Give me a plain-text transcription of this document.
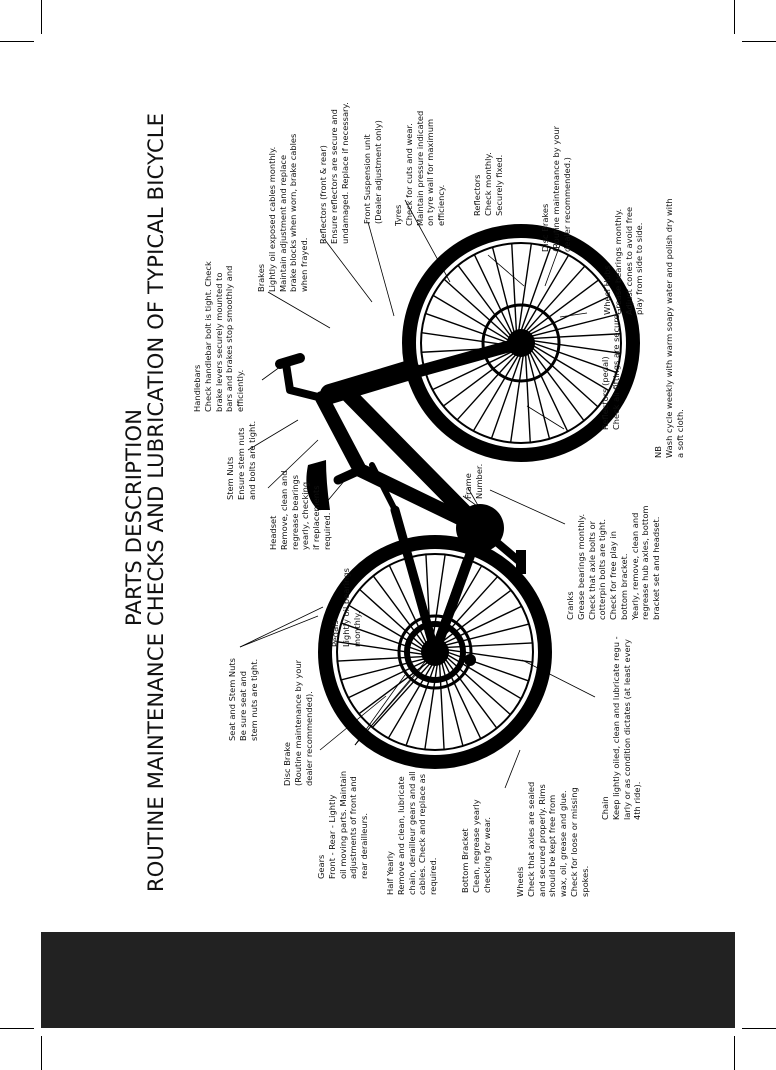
PARTS DESCRIPTION
ROUTINE MAINTENANCE CHECKS AND LUBRICATION OF TYPICAL BICYCLE	Handlebars Check handlebar bolt is tight. Check brake levers securely mounted to bars and brakes stop smoothly and efficiently.
Brakes Lightly oil exposed cables monthly. Maintain adjustment and replace brake blocks when worn, brake cables when frayed.
Reflectors (front & rear) Ensure reflectors are secure and undamaged. Replace if necessary. Front Suspension unit (Dealer adjustment only) Tyres Check for cuts and wear. Maintain pressure indicated on tyre wall for maximum efficiency.	Reflectors Check monthly. Securely fixed.
Disc Brakes (Routine maintenance by your dealer recommended.)
Stem Nuts Ensure stem nuts and bolts are tight.	Frame Number.
Headset Remove, clean and regrease bearings yearly, checking if replacements required.
Pedals Lightly oil bearings monthly.
Seat and Stem Nuts Be sure seat and stem nuts are tight.
Disc Brake (Routine maintenance by your dealer recommended).
Gears Front - Rear - Lightly oil moving parts. Maintain adjustments of front and rear derailleurs. Half Yearly Remove and clean, lubricate chain, derailleur gears and all cables. Check and replace as required.	Bottom Bracket Clean, regrease yearly checking for wear.	Wheels Check that axles are sealed and secured properly. Rims should be kept free from wax, oil, grease and glue. Check for loose or missing spokes.
Chain Keep lightly oiled, clean and lubricate regu - larly or as condition dictates (at least every 4th ride).
Cranks Grease bearings monthly. Check that axle bolts or cotterpin bolts are tight. Check for free play in bottom bracket. Yearly, remove, clean and regrease hub axles, bottom bracket set and headset.
Reflectors (pedal) Check all fittings are secure.
Wheel Hubs Grease bearings monthly. Adjust cones to avoid free play from side to side.
NB Wash cycle weekly with warm soapy water and polish dry with a soft cloth.
